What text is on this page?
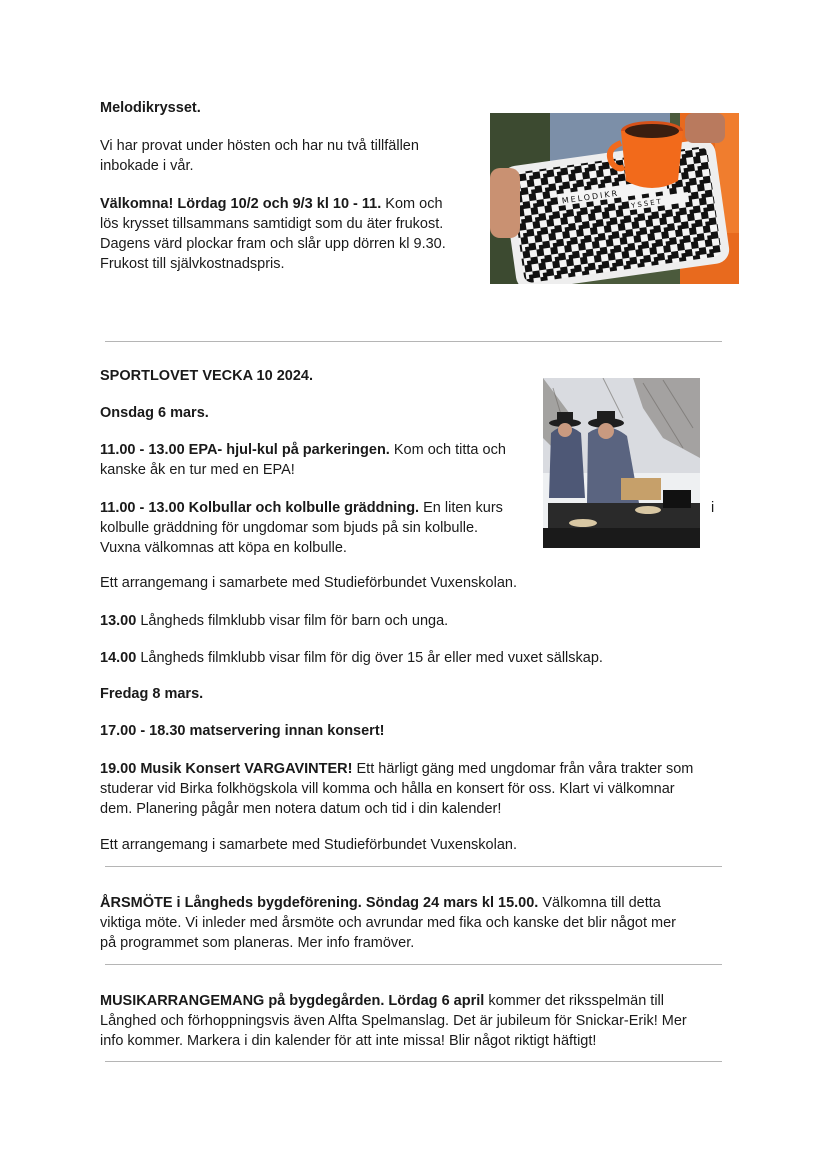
Melodikrysset.

Vi har provat under hösten och har nu två tillfällen
inbokade i vår.

Välkomna! Lördag 10/2 och 9/3 kl 10 - 11. Kom och
lös krysset tillsammans samtidigt som du äter frukost.
Dagens värd plockar fram och slår upp dörren kl 9.30.
Frukost till självkostnadspris.

MELODIKR YSSET

SPORTLOVET VECKA 10 2024.

Onsdag 6 mars.

11.00 - 13.00 EPA- hjul-kul på parkeringen. Kom och titta och
kanske åk en tur med en EPA!

11.00 - 13.00 Kolbullar och kolbulle gräddning. En liten kurs
kolbulle gräddning för ungdomar som bjuds på sin kolbulle.
Vuxna välkomnas att köpa en kolbulle.

i

Ett arrangemang i samarbete med Studieförbundet Vuxenskolan.

13.00 Långheds filmklubb visar film för barn och unga.

14.00 Långheds filmklubb visar film för dig över 15 år eller med vuxet sällskap.

Fredag 8 mars.

17.00 - 18.30 matservering innan konsert!

19.00 Musik Konsert VARGAVINTER! Ett härligt gäng med ungdomar från våra trakter som
studerar vid Birka folkhögskola vill komma och hålla en konsert för oss. Klart vi välkomnar
dem. Planering pågår men notera datum och tid i din kalender!

Ett arrangemang i samarbete med Studieförbundet Vuxenskolan.

ÅRSMÖTE i Långheds bygdeförening. Söndag 24 mars kl 15.00. Välkomna till detta
viktiga möte. Vi inleder med årsmöte och avrundar med fika och kanske det blir något mer
på programmet som planeras. Mer info framöver.

MUSIKARRANGEMANG på bygdegården. Lördag 6 april kommer det riksspelmän till
Långhed och förhoppningsvis även Alfta Spelmanslag. Det är jubileum för Snickar-Erik! Mer
info kommer. Markera i din kalender för att inte missa! Blir något riktigt häftigt!
